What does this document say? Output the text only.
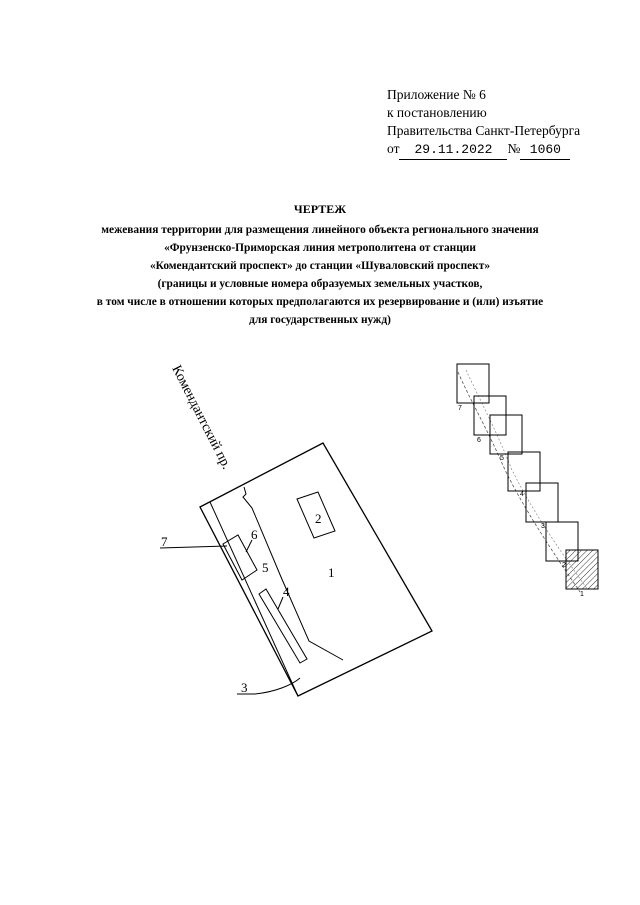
Приложение № 6
к постановлению
Правительства Санкт-Петербурга
от 29.11.2022 № 1060
ЧЕРТЕЖ
межевания территории для размещения линейного объекта регионального значения
«Фрунзенско-Приморская линия метрополитена от станции
«Комендантский проспект» до станции «Шуваловский проспект»
(границы и условные номера образуемых земельных участков,
в том числе в отношении которых предполагаются их резервирование и (или) изъятие
для государственных нужд)
Комендантский пр.
1
2
3
4
5
6
7
7
6
5
4
3
2
1
